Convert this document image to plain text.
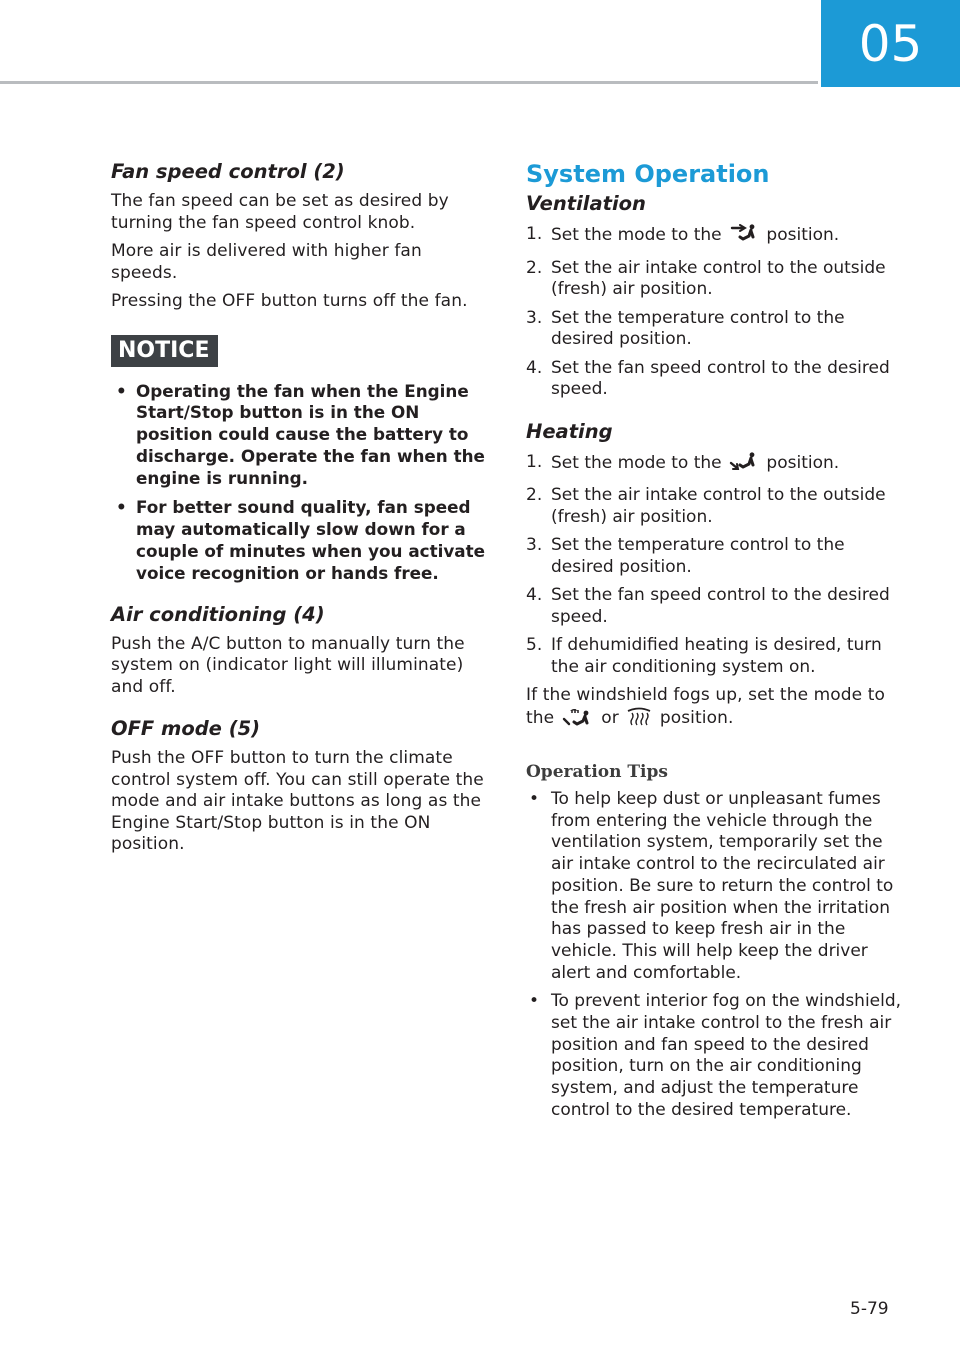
05
Fan speed control (2)

The fan speed can be set as desired by turning the fan speed control knob.

More air is delivered with higher fan speeds.

Pressing the OFF button turns off the fan.

NOTICE
• Operating the fan when the Engine Start/Stop button is in the ON position could cause the battery to discharge. Operate the fan when the engine is running.
• For better sound quality, fan speed may automatically slow down for a couple of minutes when you activate voice recognition or hands free.
Air conditioning (4)

Push the A/C button to manually turn the system on (indicator light will illuminate) and off.

OFF mode (5)

Push the OFF button to turn the climate control system off. You can still operate the mode and air intake buttons as long as the Engine Start/Stop button is in the ON position.

System Operation
Ventilation
1. Set the mode to the  position.
2. Set the air intake control to the outside (fresh) air position.
3. Set the temperature control to the desired position.
4. Set the fan speed control to the desired speed.
Heating
1. Set the mode to the  position.
2. Set the air intake control to the outside (fresh) air position.
3. Set the temperature control to the desired position.
4. Set the fan speed control to the desired speed.
5. If dehumidified heating is desired, turn the air conditioning system on.

If the windshield fogs up, set the mode to the  or  position.

Operation Tips
• To help keep dust or unpleasant fumes from entering the vehicle through the ventilation system, temporarily set the air intake control to the recirculated air position. Be sure to return the control to the fresh air position when the irritation has passed to keep fresh air in the vehicle. This will help keep the driver alert and comfortable.
• To prevent interior fog on the windshield, set the air intake control to the fresh air position and fan speed to the desired position, turn on the air conditioning system, and adjust the temperature control to the desired temperature.
5-79
